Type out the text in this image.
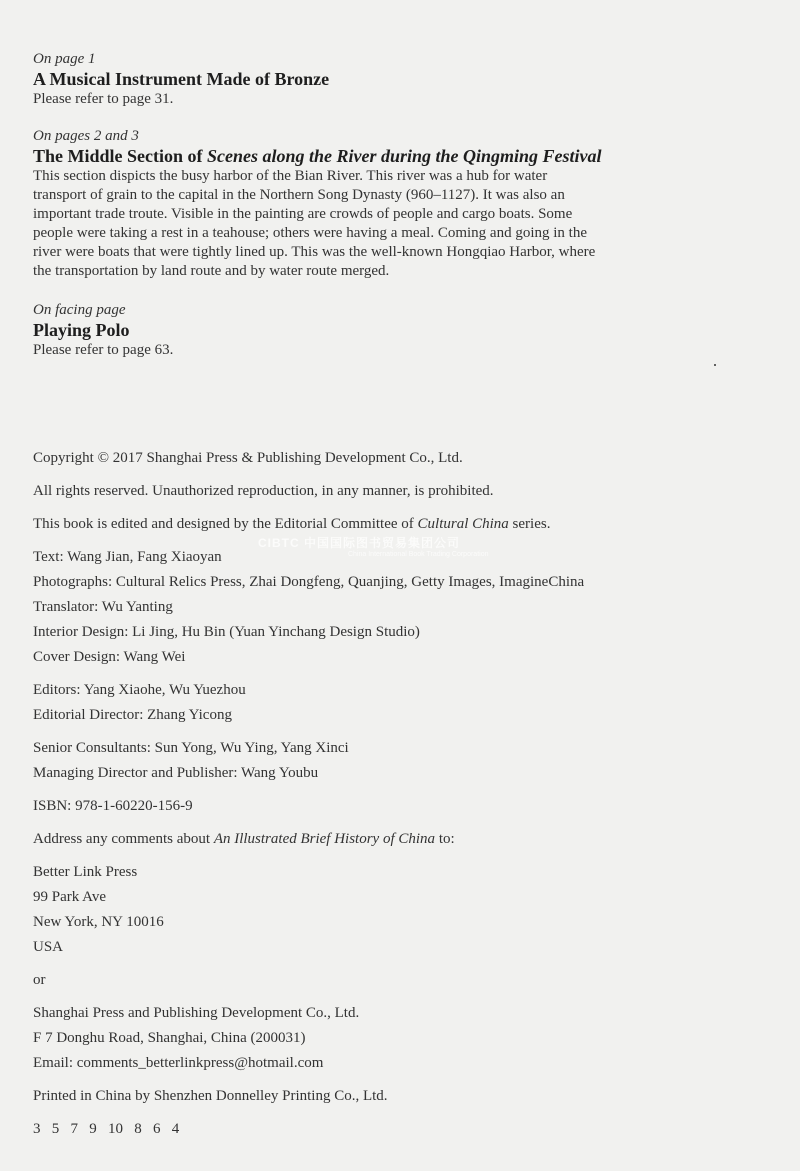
On page 1
A Musical Instrument Made of Bronze
Please refer to page 31.
On pages 2 and 3
The Middle Section of Scenes along the River during the Qingming Festival
This section dispicts the busy harbor of the Bian River. This river was a hub for water
transport of grain to the capital in the Northern Song Dynasty (960–1127). It was also an
important trade troute. Visible in the painting are crowds of people and cargo boats. Some
people were taking a rest in a teahouse; others were having a meal. Coming and going in the
river were boats that were tightly lined up. This was the well-known Hongqiao Harbor, where
the transportation by land route and by water route merged.
On facing page
Playing Polo
Please refer to page 63.
Copyright © 2017 Shanghai Press & Publishing Development Co., Ltd.
All rights reserved. Unauthorized reproduction, in any manner, is prohibited.
This book is edited and designed by the Editorial Committee of Cultural China series.
Text: Wang Jian, Fang Xiaoyan
Photographs: Cultural Relics Press, Zhai Dongfeng, Quanjing, Getty Images, ImagineChina
Translator: Wu Yanting
Interior Design: Li Jing, Hu Bin (Yuan Yinchang Design Studio)
Cover Design: Wang Wei
Editors: Yang Xiaohe, Wu Yuezhou
Editorial Director: Zhang Yicong
Senior Consultants: Sun Yong, Wu Ying, Yang Xinci
Managing Director and Publisher: Wang Youbu
ISBN: 978-1-60220-156-9
Address any comments about An Illustrated Brief History of China to:
Better Link Press
99 Park Ave
New York, NY 10016
USA
or
Shanghai Press and Publishing Development Co., Ltd.
F 7 Donghu Road, Shanghai, China (200031)
Email: comments_betterlinkpress@hotmail.com
Printed in China by Shenzhen Donnelley Printing Co., Ltd.
3   5   7   9   10   8   6   4
CIBTC 中国国际图书贸易集团公司
China International Book Trading Corporation
